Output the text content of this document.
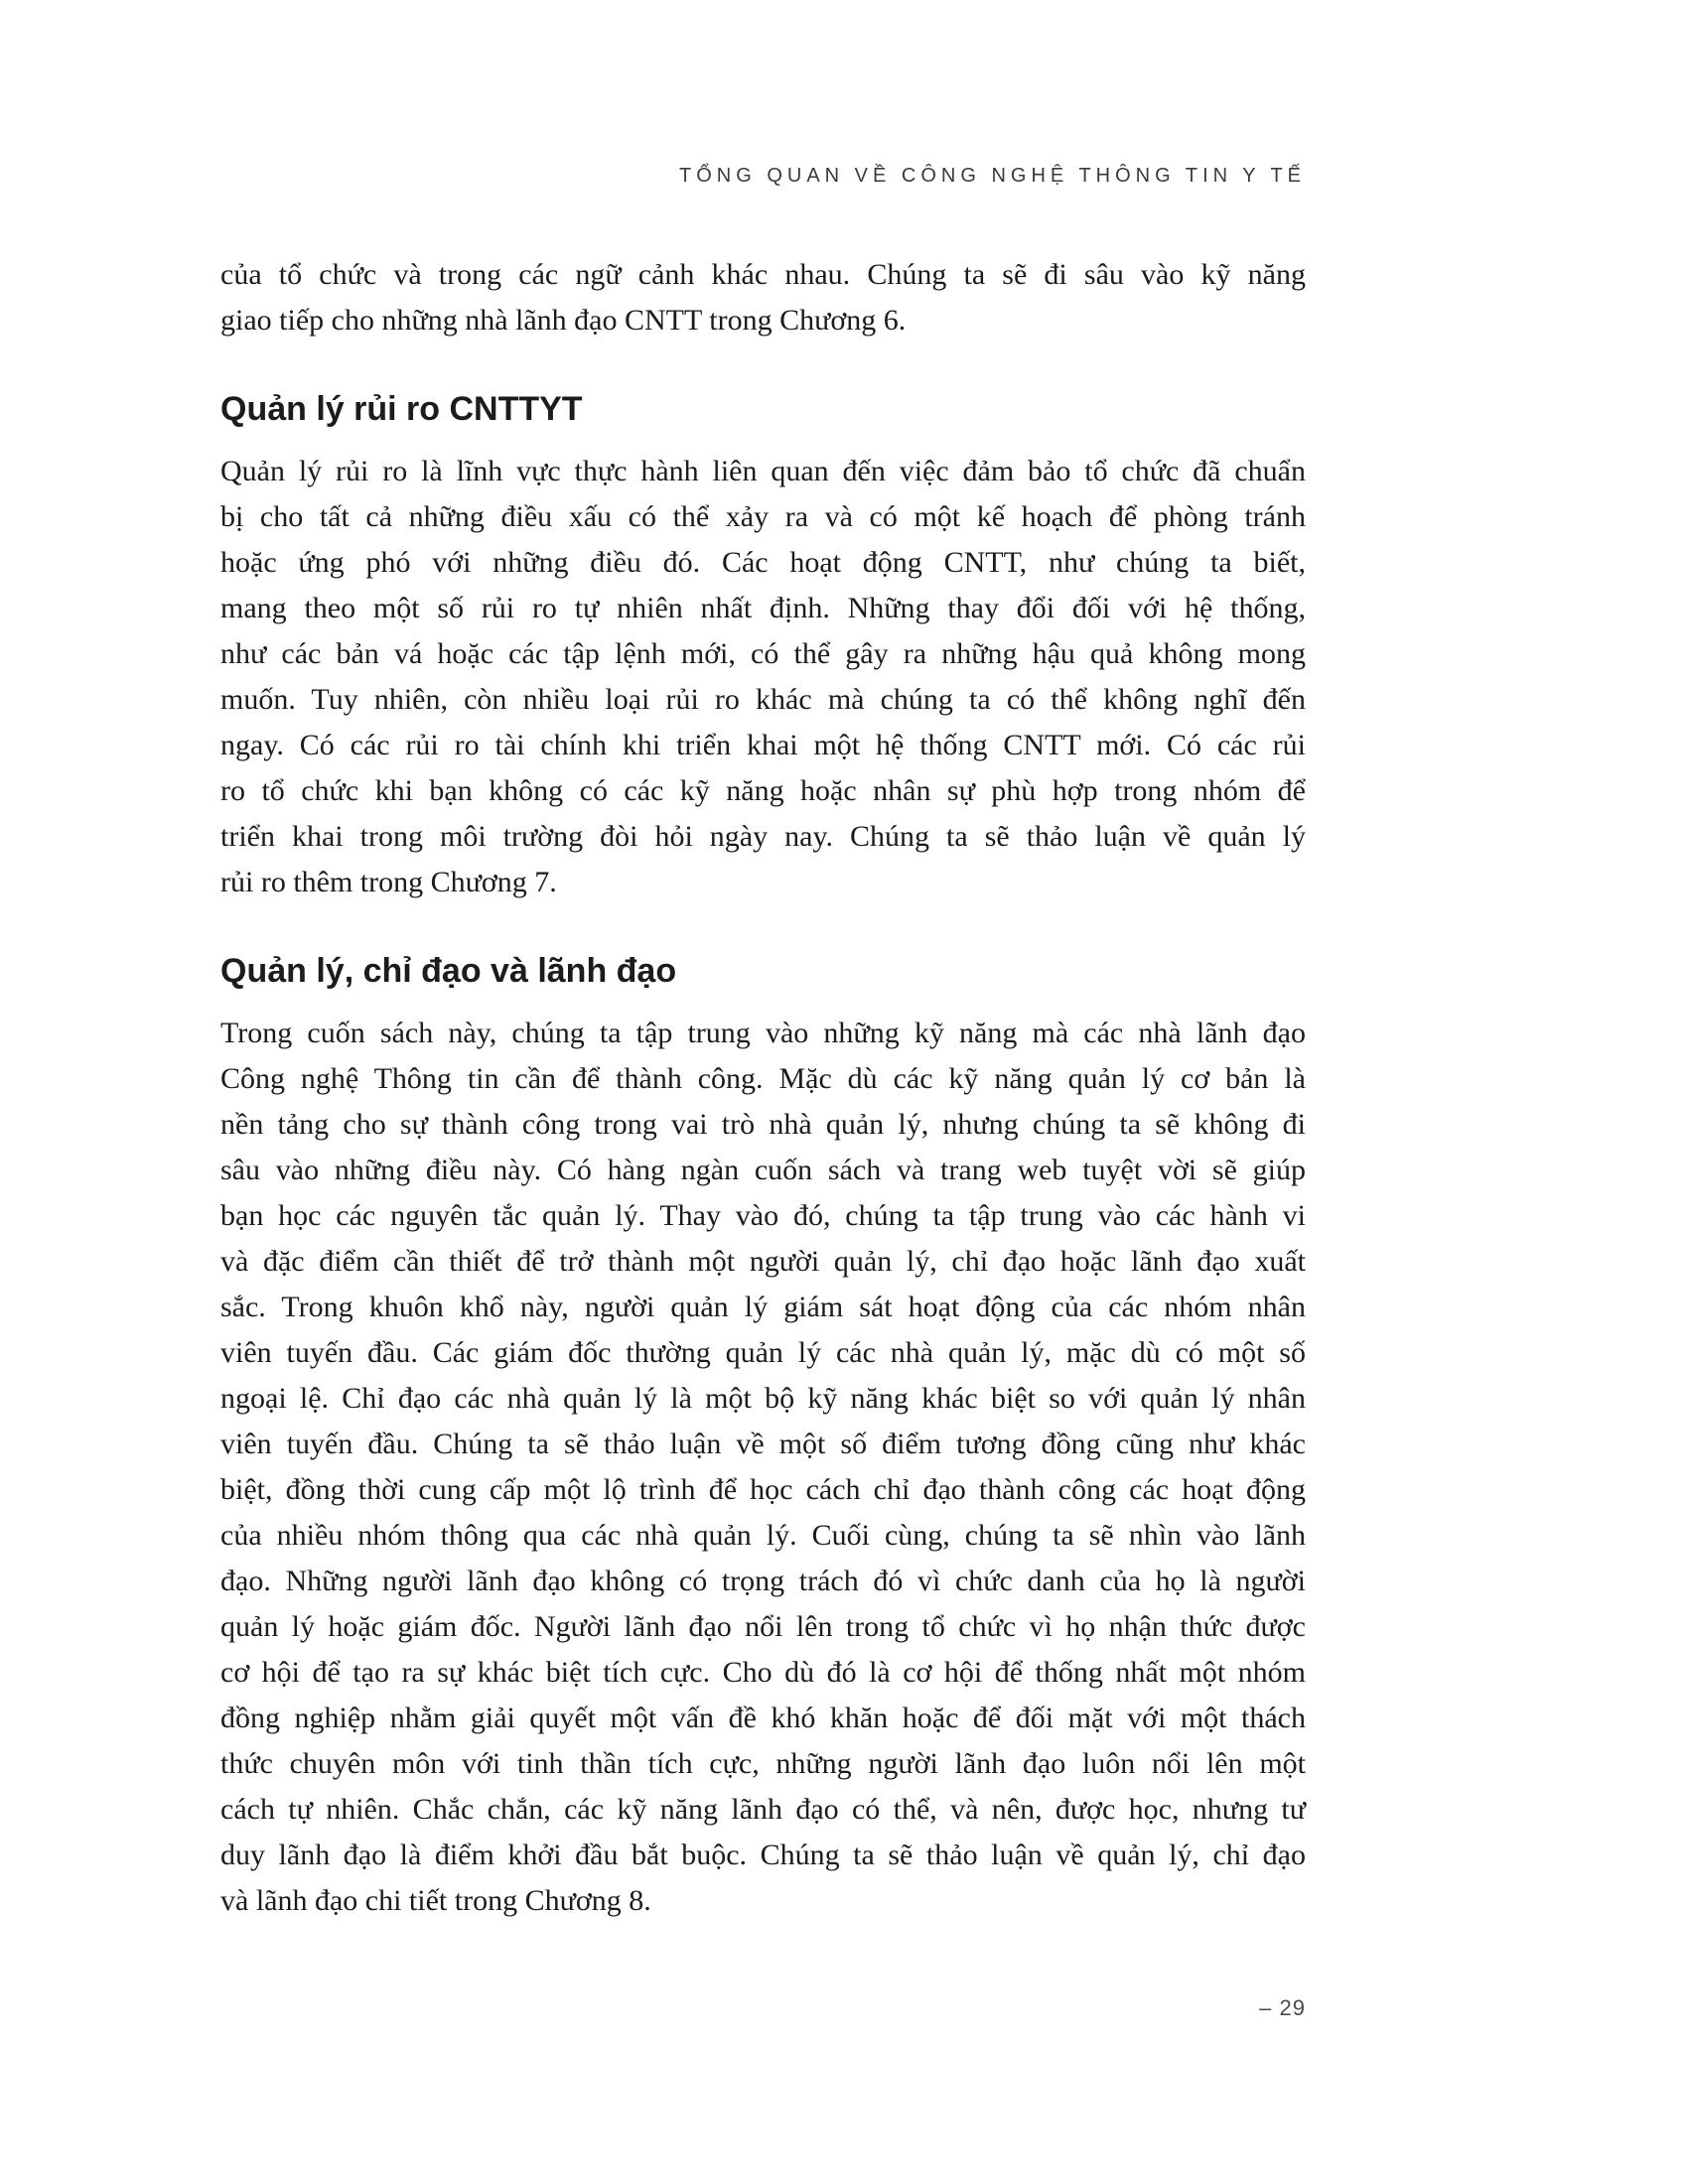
TỔNG QUAN VỀ CÔNG NGHỆ THÔNG TIN Y TẾ
của tổ chức và trong các ngữ cảnh khác nhau. Chúng ta sẽ đi sâu vào kỹ năng
giao tiếp cho những nhà lãnh đạo CNTT trong Chương 6.
Quản lý rủi ro CNTTYT
Quản lý rủi ro là lĩnh vực thực hành liên quan đến việc đảm bảo tổ chức đã chuẩn
bị cho tất cả những điều xấu có thể xảy ra và có một kế hoạch để phòng tránh
hoặc ứng phó với những điều đó. Các hoạt động CNTT, như chúng ta biết,
mang theo một số rủi ro tự nhiên nhất định. Những thay đổi đối với hệ thống,
như các bản vá hoặc các tập lệnh mới, có thể gây ra những hậu quả không mong
muốn. Tuy nhiên, còn nhiều loại rủi ro khác mà chúng ta có thể không nghĩ đến
ngay. Có các rủi ro tài chính khi triển khai một hệ thống CNTT mới. Có các rủi
ro tổ chức khi bạn không có các kỹ năng hoặc nhân sự phù hợp trong nhóm để
triển khai trong môi trường đòi hỏi ngày nay. Chúng ta sẽ thảo luận về quản lý
rủi ro thêm trong Chương 7.
Quản lý, chỉ đạo và lãnh đạo
Trong cuốn sách này, chúng ta tập trung vào những kỹ năng mà các nhà lãnh đạo
Công nghệ Thông tin cần để thành công. Mặc dù các kỹ năng quản lý cơ bản là
nền tảng cho sự thành công trong vai trò nhà quản lý, nhưng chúng ta sẽ không đi
sâu vào những điều này. Có hàng ngàn cuốn sách và trang web tuyệt vời sẽ giúp
bạn học các nguyên tắc quản lý. Thay vào đó, chúng ta tập trung vào các hành vi
và đặc điểm cần thiết để trở thành một người quản lý, chỉ đạo hoặc lãnh đạo xuất
sắc. Trong khuôn khổ này, người quản lý giám sát hoạt động của các nhóm nhân
viên tuyến đầu. Các giám đốc thường quản lý các nhà quản lý, mặc dù có một số
ngoại lệ. Chỉ đạo các nhà quản lý là một bộ kỹ năng khác biệt so với quản lý nhân
viên tuyến đầu. Chúng ta sẽ thảo luận về một số điểm tương đồng cũng như khác
biệt, đồng thời cung cấp một lộ trình để học cách chỉ đạo thành công các hoạt động
của nhiều nhóm thông qua các nhà quản lý. Cuối cùng, chúng ta sẽ nhìn vào lãnh
đạo. Những người lãnh đạo không có trọng trách đó vì chức danh của họ là người
quản lý hoặc giám đốc. Người lãnh đạo nổi lên trong tổ chức vì họ nhận thức được
cơ hội để tạo ra sự khác biệt tích cực. Cho dù đó là cơ hội để thống nhất một nhóm
đồng nghiệp nhằm giải quyết một vấn đề khó khăn hoặc để đối mặt với một thách
thức chuyên môn với tinh thần tích cực, những người lãnh đạo luôn nổi lên một
cách tự nhiên. Chắc chắn, các kỹ năng lãnh đạo có thể, và nên, được học, nhưng tư
duy lãnh đạo là điểm khởi đầu bắt buộc. Chúng ta sẽ thảo luận về quản lý, chỉ đạo
và lãnh đạo chi tiết trong Chương 8.
– 29
